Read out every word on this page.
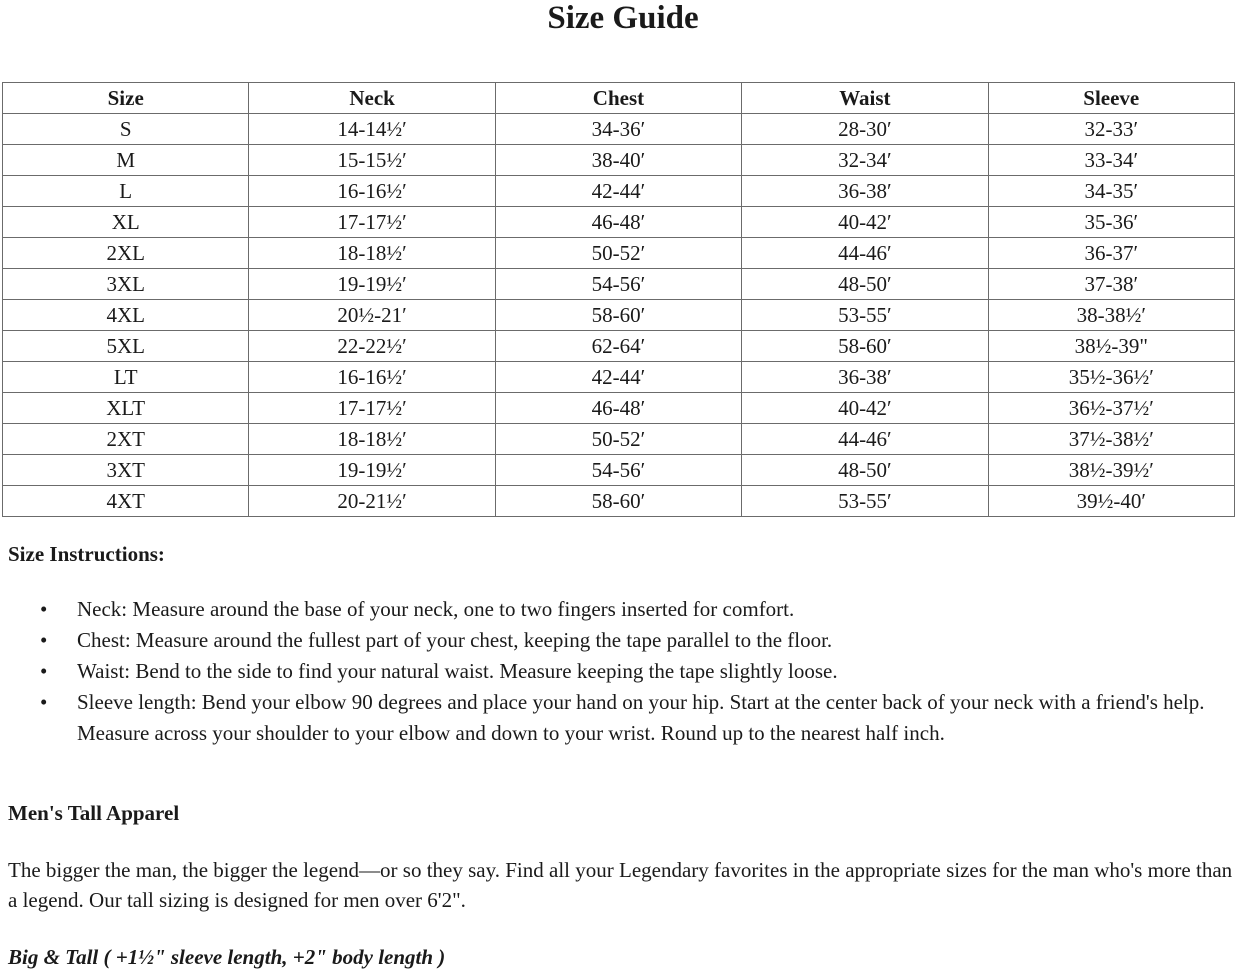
Size Guide
Size	Neck	Chest	Waist	Sleeve
S	14-14½′	34-36′	28-30′	32-33′
M	15-15½′	38-40′	32-34′	33-34′
L	16-16½′	42-44′	36-38′	34-35′
XL	17-17½′	46-48′	40-42′	35-36′
2XL	18-18½′	50-52′	44-46′	36-37′
3XL	19-19½′	54-56′	48-50′	37-38′
4XL	20½-21′	58-60′	53-55′	38-38½′
5XL	22-22½′	62-64′	58-60′	38½-39"
LT	16-16½′	42-44′	36-38′	35½-36½′
XLT	17-17½′	46-48′	40-42′	36½-37½′
2XT	18-18½′	50-52′	44-46′	37½-38½′
3XT	19-19½′	54-56′	48-50′	38½-39½′
4XT	20-21½′	58-60′	53-55′	39½-40′
Size Instructions:
•	Neck: Measure around the base of your neck, one to two fingers inserted for comfort.
•	Chest: Measure around the fullest part of your chest, keeping the tape parallel to the floor.
•	Waist: Bend to the side to find your natural waist. Measure keeping the tape slightly loose.
•	Sleeve length: Bend your elbow 90 degrees and place your hand on your hip. Start at the center back of your neck with a friend's help. Measure across your shoulder to your elbow and down to your wrist. Round up to the nearest half inch.
Men's Tall Apparel

The bigger the man, the bigger the legend—or so they say. Find all your Legendary favorites in the appropriate sizes for the man who's more than a legend. Our tall sizing is designed for men over 6'2".

Big & Tall ( +1½" sleeve length, +2" body length )
